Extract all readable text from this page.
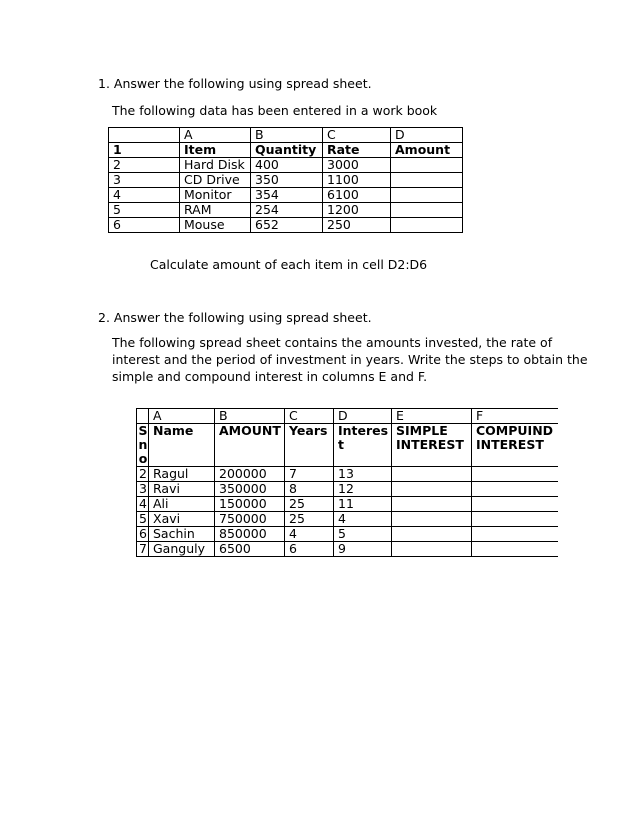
1. Answer the following using spread sheet.
The following data has been entered in a work book
	A	B	C	D
1	Item	Quantity	Rate	Amount
2	Hard Disk	400	3000	
3	CD Drive	350	1100	
4	Monitor	354	6100	
5	RAM	254	1200	
6	Mouse	652	250	
Calculate amount of each item in cell D2:D6
2. Answer the following using spread sheet.
The following spread sheet contains the amounts invested, the rate of
interest and the period of investment in years. Write the steps to obtain the
simple and compound interest in columns E and F.
	A	B	C	D	E	F
Sno	Name	AMOUNT	Years	Interest	SIMPLE INTEREST	COMPUIND INTEREST
2	Ragul	200000	7	13		
3	Ravi	350000	8	12		
4	Ali	150000	25	11		
5	Xavi	750000	25	4		
6	Sachin	850000	4	5		
7	Ganguly	6500	6	9		
